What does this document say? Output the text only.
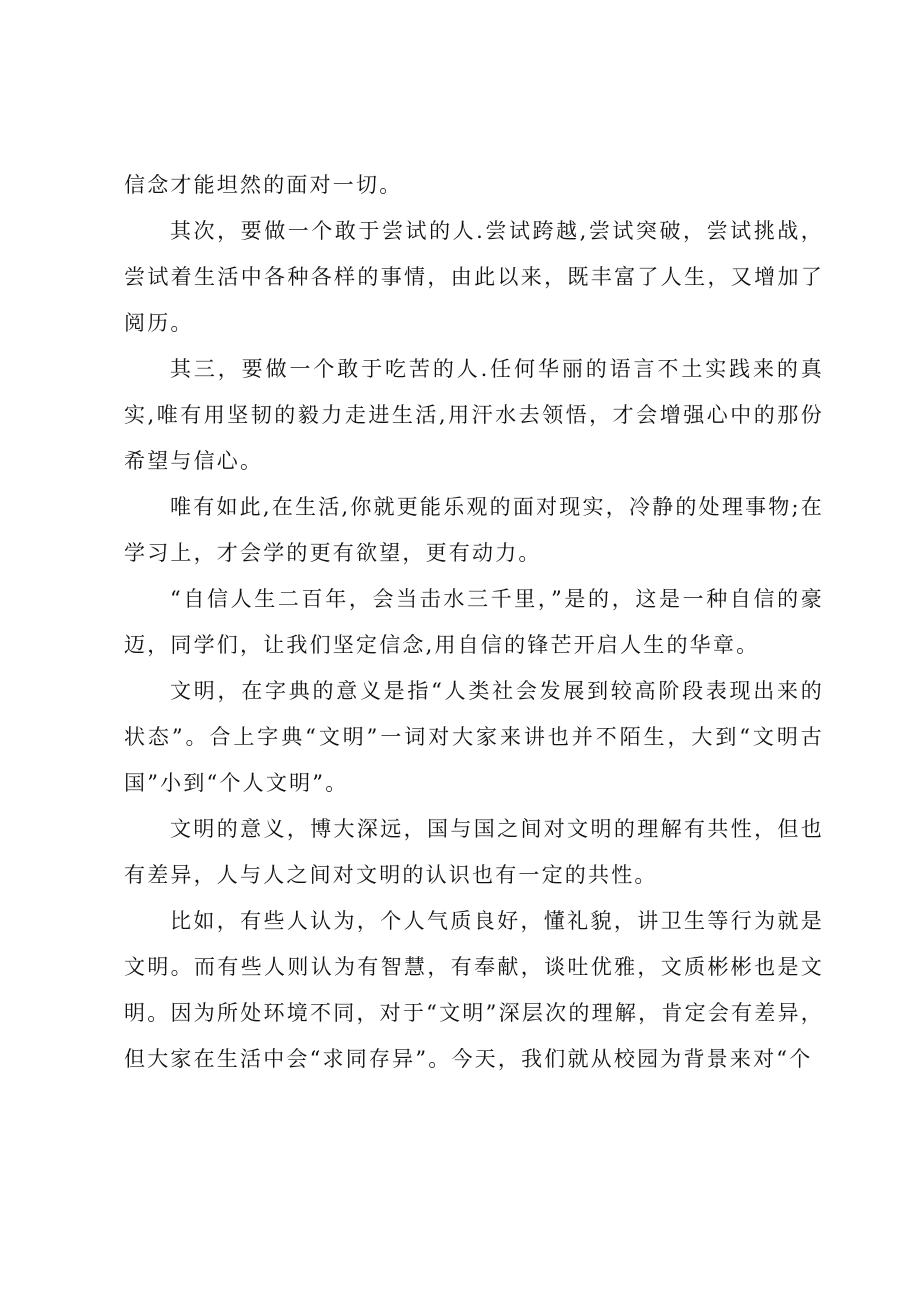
信念才能坦然的面对一切。

其次，要做一个敢于尝试的人.尝试跨越,尝试突破，尝试挑战，尝试着生活中各种各样的事情，由此以来，既丰富了人生，又增加了阅历。

其三，要做一个敢于吃苦的人.任何华丽的语言不土实践来的真实,唯有用坚韧的毅力走进生活,用汗水去领悟，才会增强心中的那份希望与信心。

唯有如此,在生活,你就更能乐观的面对现实，冷静的处理事物;在学习上，才会学的更有欲望，更有动力。

“自信人生二百年，会当击水三千里，”是的，这是一种自信的豪迈，同学们，让我们坚定信念,用自信的锋芒开启人生的华章。

文明，在字典的意义是指“人类社会发展到较高阶段表现出来的状态”。合上字典“文明”一词对大家来讲也并不陌生，大到“文明古国”小到“个人文明”。

文明的意义，博大深远，国与国之间对文明的理解有共性，但也有差异，人与人之间对文明的认识也有一定的共性。

比如，有些人认为，个人气质良好，懂礼貌，讲卫生等行为就是文明。而有些人则认为有智慧，有奉献，谈吐优雅，文质彬彬也是文明。因为所处环境不同，对于“文明”深层次的理解，肯定会有差异，但大家在生活中会“求同存异”。今天，我们就从校园为背景来对“个
